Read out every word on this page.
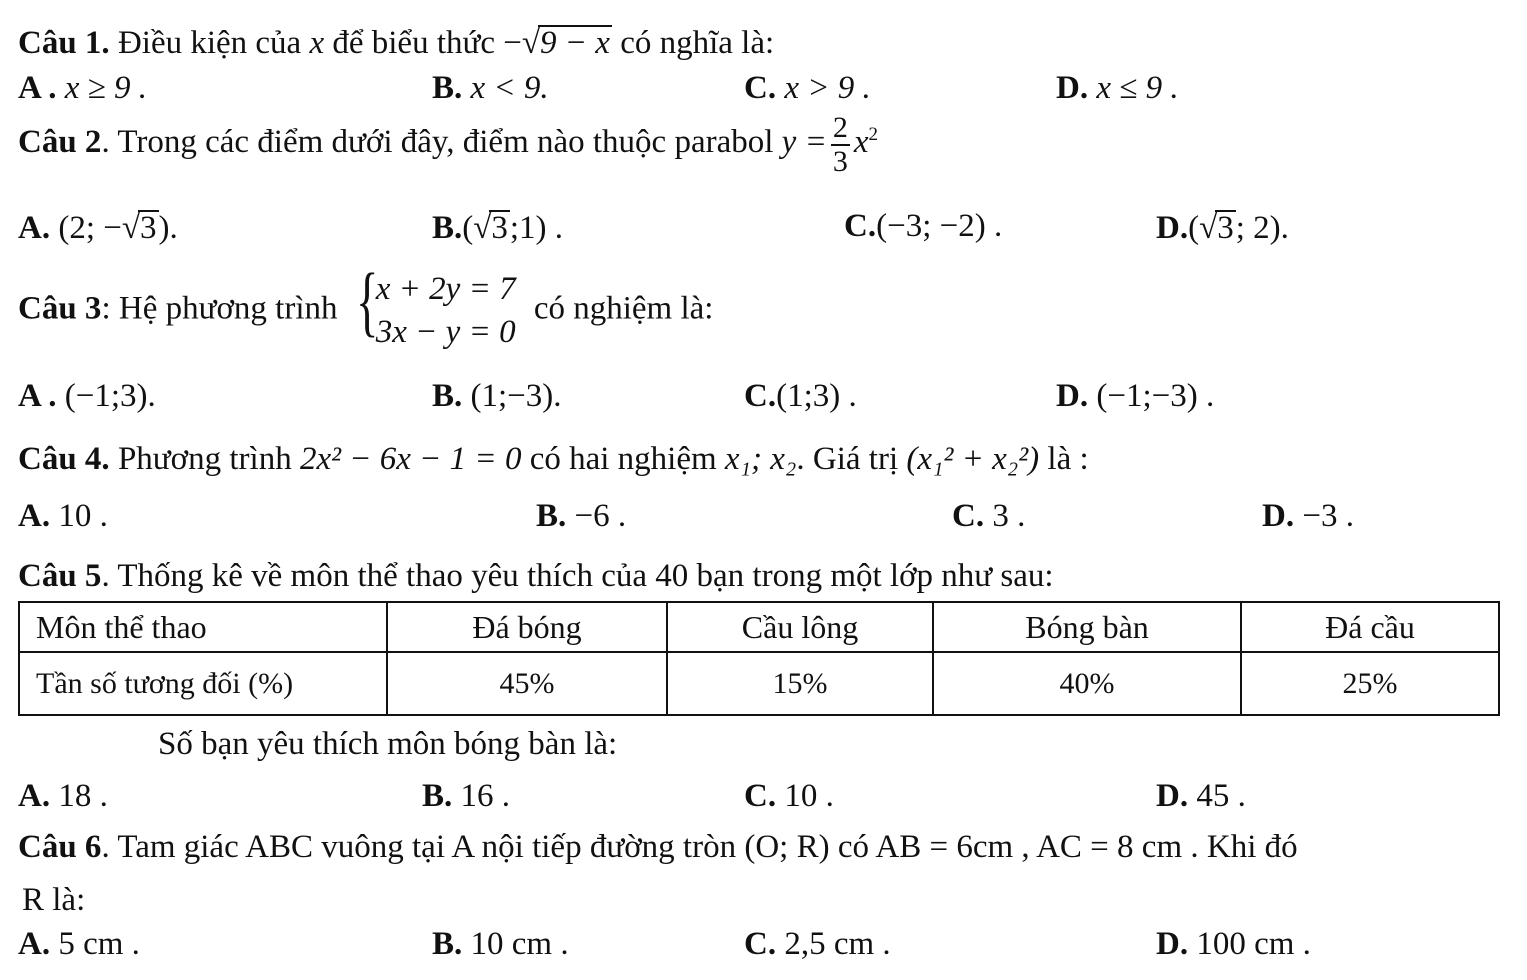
Câu 1. Điều kiện của x để biểu thức −√9 − x có nghĩa là:
A . x ≥ 9 .	B. x < 9.	C. x > 9 .	D. x ≤ 9 .
Câu 2. Trong các điểm dưới đây, điểm nào thuộc parabol $y = \frac{2}{3} x^2$
A. (2; −√3).	B.(√3;1) .	C.(−3; −2) .	D.(√3; 2).
Câu 3: Hệ phương trình {
x + 2y = 7
3x − y = 0
có nghiệm là:
A . (−1;3).	B. (1;−3).	C.(1;3) .	D. (−1;−3) .
Câu 4. Phương trình 2x² − 6x − 1 = 0 có hai nghiệm x₁; x₂. Giá trị (x₁² + x₂²) là :
A. 10 .	B. −6 .	C. 3 .	D. −3 .
Câu 5. Thống kê về môn thể thao yêu thích của 40 bạn trong một lớp như sau:
Môn thể thao	Đá bóng	Cầu lông	Bóng bàn	Đá cầu
Tần số tương đối (%)	45%	15%	40%	25%
Số bạn yêu thích môn bóng bàn là:
A. 18 .	B. 16 .	C. 10 .	D. 45 .
Câu 6. Tam giác ABC vuông tại A nội tiếp đường tròn (O; R) có AB = 6cm , AC = 8 cm . Khi đó
R là:
A. 5 cm .	B. 10 cm .	C. 2,5 cm .	D. 100 cm .
